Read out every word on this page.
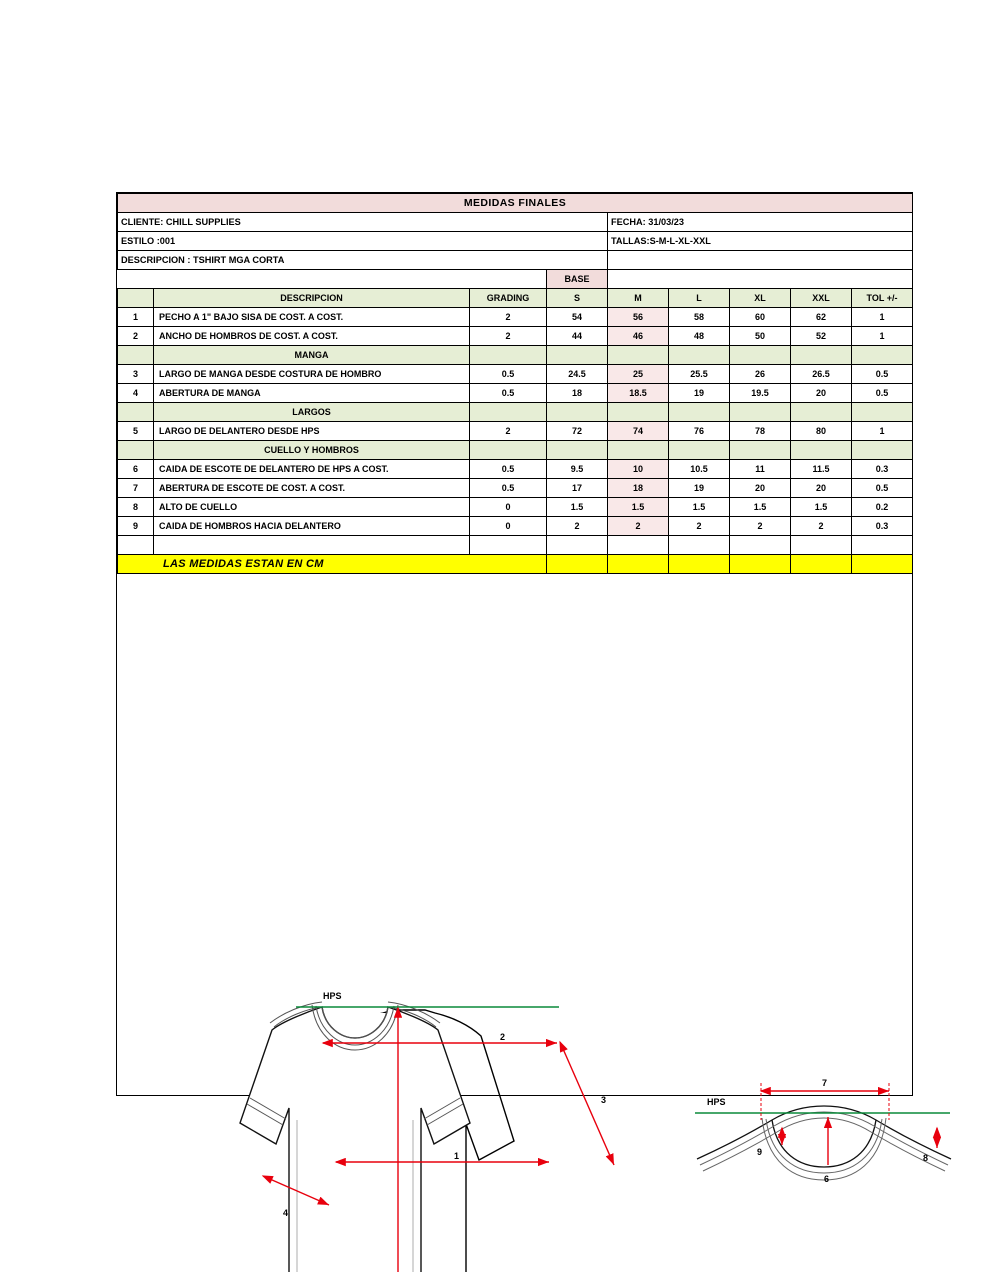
MEDIDAS FINALES								
CLIENTE: CHILL SUPPLIES				FECHA: 31/03/23				
ESTILO :001				TALLAS:S-M-L-XL-XXL				
DESCRIPCION : TSHIRT MGA CORTA								
			BASE					
	DESCRIPCION	GRADING	S	M	L	XL	XXL	TOL +/-
1	PECHO A 1" BAJO SISA DE COST. A COST.	2	54	56	58	60	62	1
2	ANCHO DE HOMBROS DE COST. A COST.	2	44	46	48	50	52	1
	MANGA							
3	LARGO DE MANGA DESDE COSTURA DE HOMBRO	0.5	24.5	25	25.5	26	26.5	0.5
4	ABERTURA DE MANGA	0.5	18	18.5	19	19.5	20	0.5
	LARGOS							
5	LARGO DE DELANTERO DESDE HPS	2	72	74	76	78	80	1
	CUELLO Y HOMBROS							
6	CAIDA DE ESCOTE DE DELANTERO DE HPS A COST.	0.5	9.5	10	10.5	11	11.5	0.3
7	ABERTURA DE ESCOTE DE COST. A COST.	0.5	17	18	19	20	20	0.5
8	ALTO DE CUELLO	0	1.5	1.5	1.5	1.5	1.5	0.2
9	CAIDA DE HOMBROS HACIA DELANTERO	0	2	2	2	2	2	0.3

LAS MEDIDAS ESTAN EN CM								
HPS
2
1
3
4
HPS
7
6
9
8
